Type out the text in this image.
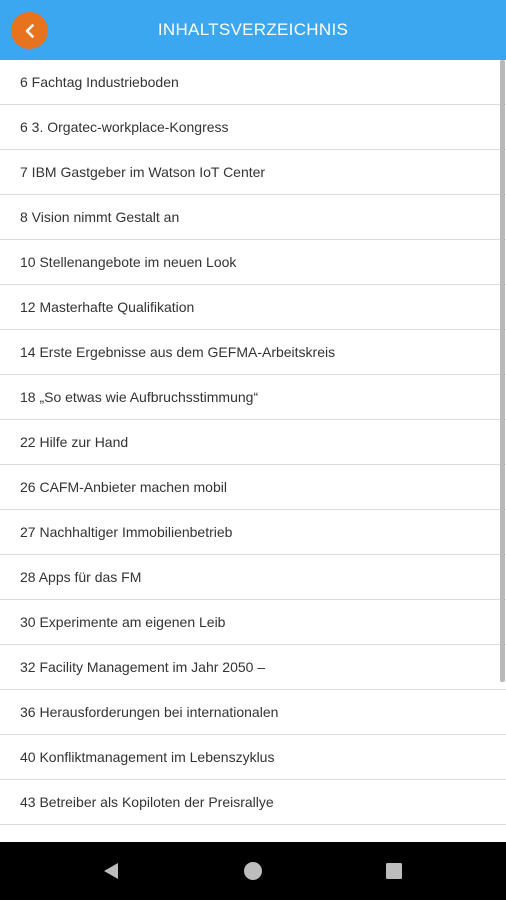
INHALTSVERZEICHNIS
6 Fachtag Industrieboden
6 3. Orgatec-workplace-Kongress
7 IBM Gastgeber im Watson IoT Center
8 Vision nimmt Gestalt an
10 Stellenangebote im neuen Look
12 Masterhafte Qualifikation
14 Erste Ergebnisse aus dem GEFMA-Arbeitskreis
18 „So etwas wie Aufbruchsstimmung“
22 Hilfe zur Hand
26 CAFM-Anbieter machen mobil
27 Nachhaltiger Immobilienbetrieb
28 Apps für das FM
30 Experimente am eigenen Leib
32 Facility Management im Jahr 2050 –
36 Herausforderungen bei internationalen
40 Konfliktmanagement im Lebenszyklus
43 Betreiber als Kopiloten der Preisrallye
